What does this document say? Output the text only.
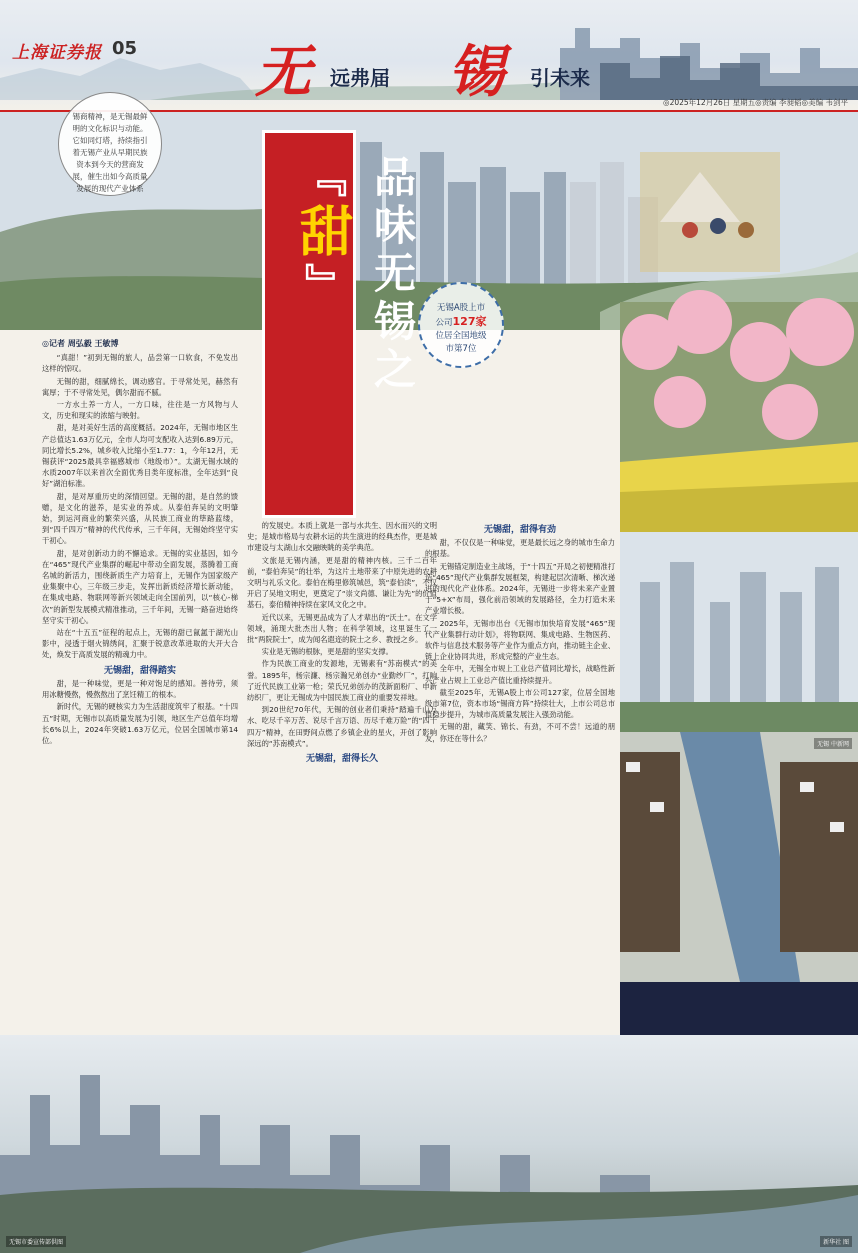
上海证券报 05 无 远弗届 锡 引未来
◎2025年12月26日 星期五◎责编 李昶韬◎美编 韦剑平
锡商精神，是无锡最鲜明的文化标识与动能。它如同灯塔，持续指引着无锡产业从早期民族资本到今天的营商发展，催生出如今高质量发展的现代产业体系	品味无锡之『甜』	无锡A股上市
公司127家
位居全国地级
市第7位
无锡 中新网
◎记者 周弘毅 王敏博

“真甜！”初到无锡的旅人，品尝第一口软食，不免发出这样的惊叹。

无锡的甜，细腻绵长，调动感官。于寻常处见，赫然有寓厚；于不寻常处见，偶尔甜而不腻。

一方水土养一方人，一方口味，往往是一方风物与人文，历史和现实的浓缩与映射。

甜，是对美好生活的高度概括。2024年，无锡市地区生产总值达1.63万亿元，全市人均可支配收入达到6.89万元，同比增长5.2%，城乡收入比缩小至1.77：1，今年12月，无锡获评“2025最具幸福感城市（地级市）”。太湖无锡水域的水质2007年以来首次全面优秀目类年度标准，全年达到“良好”湖泊标准。

甜，是对厚重历史的深情回望。无锡的甜，是自然的馈赠，是文化的滋养，是实业的养成。从泰伯奔吴的文明肇始，到运河商业的繁荣兴盛，从民族工商业的筚路蓝缕，到“四千四万”精神的代代传承，三千年间，无锡始终坚守实干初心。

甜，是对创新动力的不懈追求。无锡的实业基因，如今在“465”现代产业集群的崛起中带动全面发展，蒸腾着工商名城的新活力，围绕新质生产力培育上，无锡作为国家级产业集聚中心，三年级三步走，发挥出新质经济增长新动能，在集成电路、物联网等新兴领域走向全国前列，以“核心-梯次”的新型发展模式精准推动，三千年间，无锡一路奋进始终坚守实干初心。

站在“十五五”征程的起点上，无锡的甜已氤氲于湖光山影中，浸透于烟火锦绣间，汇聚于锐意改革进取的大开大合处，焕发于高质发展的精魂力中。

无锡甜，甜得踏实

甜，是一种味觉，更是一种对饱足的感知。善待劳，须用冰糖慢熬，慢熬熬出了烹饪精工的根本。

新时代，无锡的硬核实力为生活甜度筑牢了根基。“十四五”时期，无锡市以高质量发展为引领，地区生产总值年均增长6%以上，2024年突破1.63万亿元，位居全国城市第14位。

的发展史。本质上就是一部与水共生、因水而兴的文明史；是城市格局与农耕水运的共生演进的经典杰作，更是城市建设与太湖山水交融映眺的美学典范。

文旅是无锡内涵，更是甜的精神内核。三千二百年前，“泰伯奔吴”的壮举，为这片土地带来了中原先进的农耕文明与礼乐文化。泰伯在梅里修筑城邑，筑“泰伯渎”，不仅开启了吴地文明史，更奠定了“崇文尚德、谦让为先”的价值基石，泰伯精神持续在家风文化之中。

近代以来，无锡更品成为了人才辈出的“沃土”。在文学领域，涌现大批杰出人物；在科学领域，这里诞生了一批“两院院士”，成为闻名遐迩的院士之乡、教授之乡。

实业是无锡的根脉，更是甜的坚实支撑。

作为民族工商业的发源地，无锡素有“苏南模式”的美誉。1895年，杨宗濂、杨宗瀚兄弟创办“业勤纱厂”，打响了近代民族工业第一枪；荣氏兄弟创办的茂新面粉厂、申新纺织厂，更让无锡成为中国民族工商业的重要发祥地。

到20世纪70年代，无锡的创业者们秉持“踏遍千山万水、吃尽千辛万苦、说尽千言万语、历尽千难万险”的“四千四万”精神，在田野间点燃了乡镇企业的星火，开创了影响深远的“苏南模式”。

无锡甜，甜得长久

无锡甜，甜得有劲

甜，不仅仅是一种味觉，更是最长远之身的城市生命力的根基。

无锡锚定制造业主战场，于“十四五”开局之初便精准打造“465”现代产业集群发展框架，构建起层次清晰、梯次递进的现代化产业体系。2024年，无锡进一步将未来产业置于“5+X”布局，强化前沿领域的发展路径，全力打造未来产业增长极。

2025年，无锡市出台《无锡市加快培育发展“465”现代产业集群行动计划》，将物联网、集成电路、生物医药、软件与信息技术服务等产业作为重点方向，推动链主企业、链上企业协同共进，形成完整的产业生态。

全年中，无锡全市规上工业总产值同比增长，战略性新兴产业占规上工业总产值比重持续提升。

截至2025年，无锡A股上市公司127家，位居全国地级市第7位，资本市场“锡商方阵”持续壮大，上市公司总市值稳步提升，为城市高质量发展注入强劲动能。

无锡的甜，藏笑、锦长、有劲，不可不尝！远道的朋友，你还在等什么？

无锡市委宣传部供图	新华社 图
